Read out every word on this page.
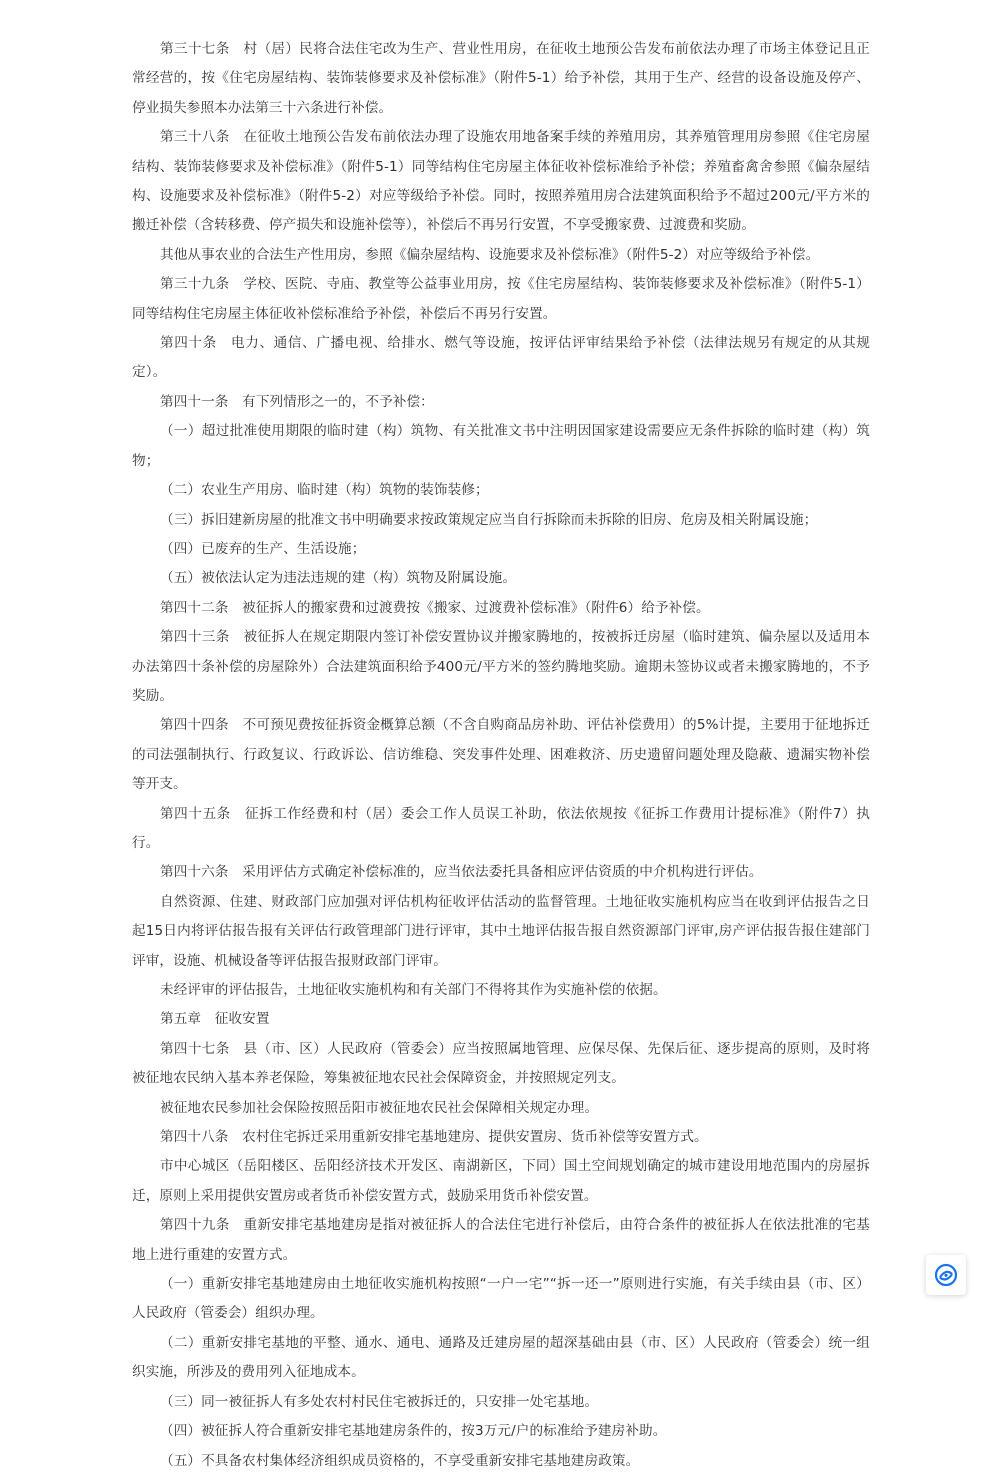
第三十七条　村（居）民将合法住宅改为生产、营业性用房，在征收土地预公告发布前依法办理了市场主体登记且正常经营的，按《住宅房屋结构、装饰装修要求及补偿标准》（附件5-1）给予补偿，其用于生产、经营的设备设施及停产、停业损失参照本办法第三十六条进行补偿。

第三十八条　在征收土地预公告发布前依法办理了设施农用地备案手续的养殖用房，其养殖管理用房参照《住宅房屋结构、装饰装修要求及补偿标准》（附件5-1）同等结构住宅房屋主体征收补偿标准给予补偿；养殖畜禽舍参照《偏杂屋结构、设施要求及补偿标准》（附件5-2）对应等级给予补偿。同时，按照养殖用房合法建筑面积给予不超过200元/平方米的搬迁补偿（含转移费、停产损失和设施补偿等），补偿后不再另行安置，不享受搬家费、过渡费和奖励。

其他从事农业的合法生产性用房，参照《偏杂屋结构、设施要求及补偿标准》（附件5-2）对应等级给予补偿。

第三十九条　学校、医院、寺庙、教堂等公益事业用房，按《住宅房屋结构、装饰装修要求及补偿标准》（附件5-1）同等结构住宅房屋主体征收补偿标准给予补偿，补偿后不再另行安置。

第四十条　电力、通信、广播电视、给排水、燃气等设施，按评估评审结果给予补偿（法律法规另有规定的从其规定）。

第四十一条　有下列情形之一的，不予补偿：

（一）超过批准使用期限的临时建（构）筑物、有关批准文书中注明因国家建设需要应无条件拆除的临时建（构）筑物；

（二）农业生产用房、临时建（构）筑物的装饰装修；

（三）拆旧建新房屋的批准文书中明确要求按政策规定应当自行拆除而未拆除的旧房、危房及相关附属设施；

（四）已废弃的生产、生活设施；

（五）被依法认定为违法违规的建（构）筑物及附属设施。

第四十二条　被征拆人的搬家费和过渡费按《搬家、过渡费补偿标准》（附件6）给予补偿。

第四十三条　被征拆人在规定期限内签订补偿安置协议并搬家腾地的，按被拆迁房屋（临时建筑、偏杂屋以及适用本办法第四十条补偿的房屋除外）合法建筑面积给予400元/平方米的签约腾地奖励。逾期未签协议或者未搬家腾地的，不予奖励。

第四十四条　不可预见费按征拆资金概算总额（不含自购商品房补助、评估补偿费用）的5%计提，主要用于征地拆迁的司法强制执行、行政复议、行政诉讼、信访维稳、突发事件处理、困难救济、历史遗留问题处理及隐蔽、遗漏实物补偿等开支。

第四十五条　征拆工作经费和村（居）委会工作人员误工补助，依法依规按《征拆工作费用计提标准》（附件7）执行。

第四十六条　采用评估方式确定补偿标准的，应当依法委托具备相应评估资质的中介机构进行评估。

自然资源、住建、财政部门应加强对评估机构征收评估活动的监督管理。土地征收实施机构应当在收到评估报告之日起15日内将评估报告报有关评估行政管理部门进行评审，其中土地评估报告报自然资源部门评审,房产评估报告报住建部门评审，设施、机械设备等评估报告报财政部门评审。

未经评审的评估报告，土地征收实施机构和有关部门不得将其作为实施补偿的依据。

第五章　征收安置

第四十七条　县（市、区）人民政府（管委会）应当按照属地管理、应保尽保、先保后征、逐步提高的原则，及时将被征地农民纳入基本养老保险，筹集被征地农民社会保障资金，并按照规定列支。

被征地农民参加社会保险按照岳阳市被征地农民社会保障相关规定办理。

第四十八条　农村住宅拆迁采用重新安排宅基地建房、提供安置房、货币补偿等安置方式。

市中心城区（岳阳楼区、岳阳经济技术开发区、南湖新区，下同）国土空间规划确定的城市建设用地范围内的房屋拆迁，原则上采用提供安置房或者货币补偿安置方式，鼓励采用货币补偿安置。

第四十九条　重新安排宅基地建房是指对被征拆人的合法住宅进行补偿后，由符合条件的被征拆人在依法批准的宅基地上进行重建的安置方式。

（一）重新安排宅基地建房由土地征收实施机构按照“一户一宅”“拆一还一”原则进行实施，有关手续由县（市、区）人民政府（管委会）组织办理。

（二）重新安排宅基地的平整、通水、通电、通路及迁建房屋的超深基础由县（市、区）人民政府（管委会）统一组织实施，所涉及的费用列入征地成本。

（三）同一被征拆人有多处农村村民住宅被拆迁的，只安排一处宅基地。

（四）被征拆人符合重新安排宅基地建房条件的，按3万元/户的标准给予建房补助。

（五）不具备农村集体经济组织成员资格的，不享受重新安排宅基地建房政策。
